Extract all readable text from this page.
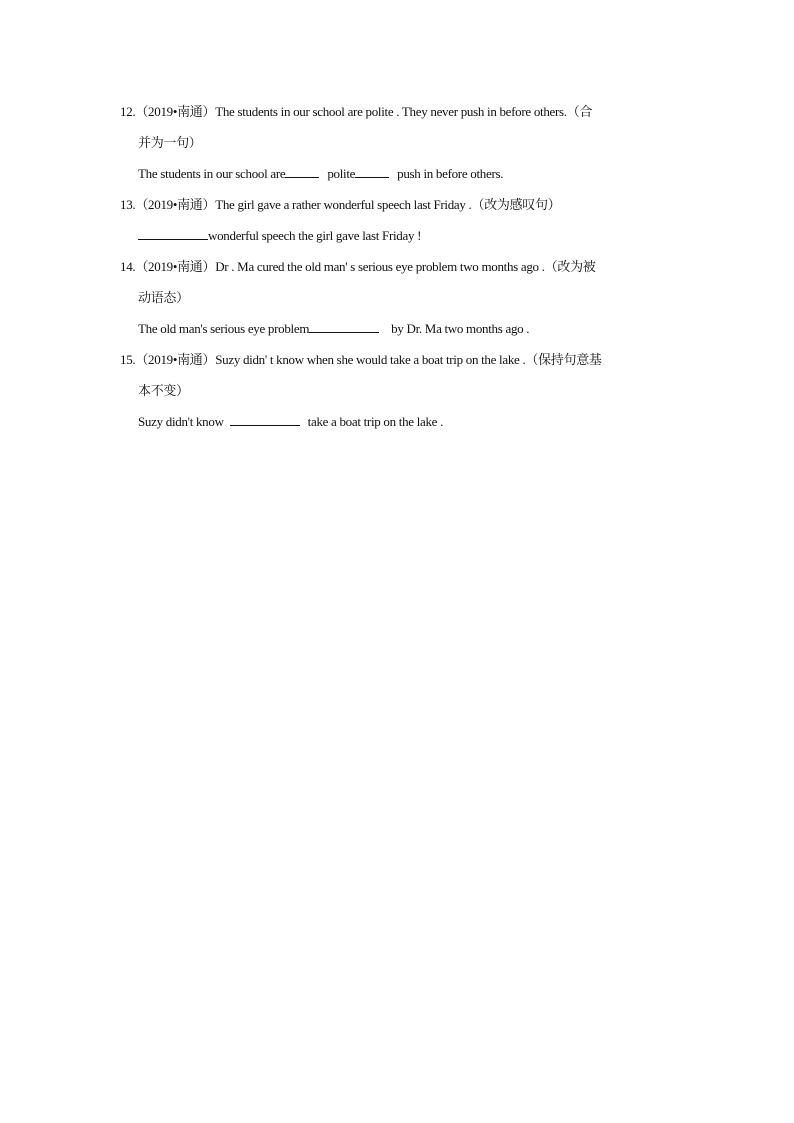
12.（2019•南通）The students in our school are polite . They never push in before others.（合
并为一句）
The students in our school are	polite	push in before others.
13.（2019•南通）The girl gave a rather wonderful speech last Friday .（改为感叹句）
wonderful speech the girl gave last Friday !
14.（2019•南通）Dr . Ma cured the old man' s serious eye problem two months ago .（改为被
动语态）
The old man's serious eye problem	by Dr. Ma two months ago .
15.（2019•南通）Suzy didn' t know when she would take a boat trip on the lake .（保持句意基
本不变）
Suzy didn't know	take a boat trip on the lake .
